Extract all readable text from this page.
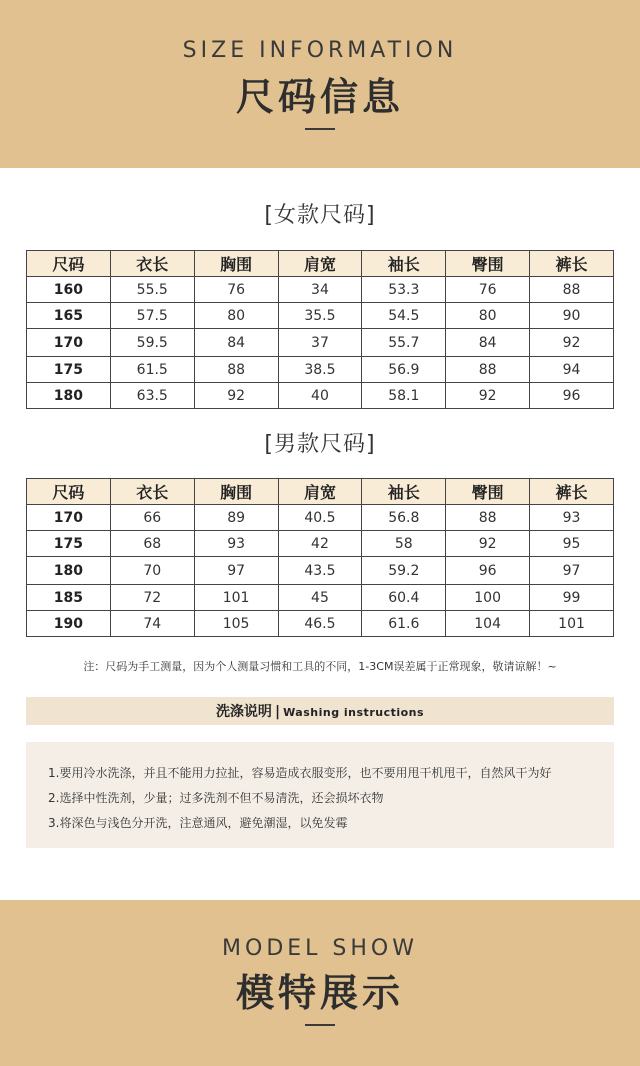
SIZE INFORMATION
尺码信息
[女款尺码]
尺码	衣长	胸围	肩宽	袖长	臀围	裤长
160	55.5	76	34	53.3	76	88
165	57.5	80	35.5	54.5	80	90
170	59.5	84	37	55.7	84	92
175	61.5	88	38.5	56.9	88	94
180	63.5	92	40	58.1	92	96
[男款尺码]
尺码	衣长	胸围	肩宽	袖长	臀围	裤长
170	66	89	40.5	56.8	88	93
175	68	93	42	58	92	95
180	70	97	43.5	59.2	96	97
185	72	101	45	60.4	100	99
190	74	105	46.5	61.6	104	101
注：尺码为手工测量，因为个人测量习惯和工具的不同，1-3CM误差属于正常现象，敬请谅解！~
洗涤说明 | Washing instructions
1.要用冷水洗涤，并且不能用力拉扯，容易造成衣服变形，也不要用甩干机甩干，自然风干为好
2.选择中性洗剂，少量；过多洗剂不但不易清洗，还会损坏衣物
3.将深色与浅色分开洗，注意通风，避免潮湿，以免发霉
MODEL SHOW
模特展示
